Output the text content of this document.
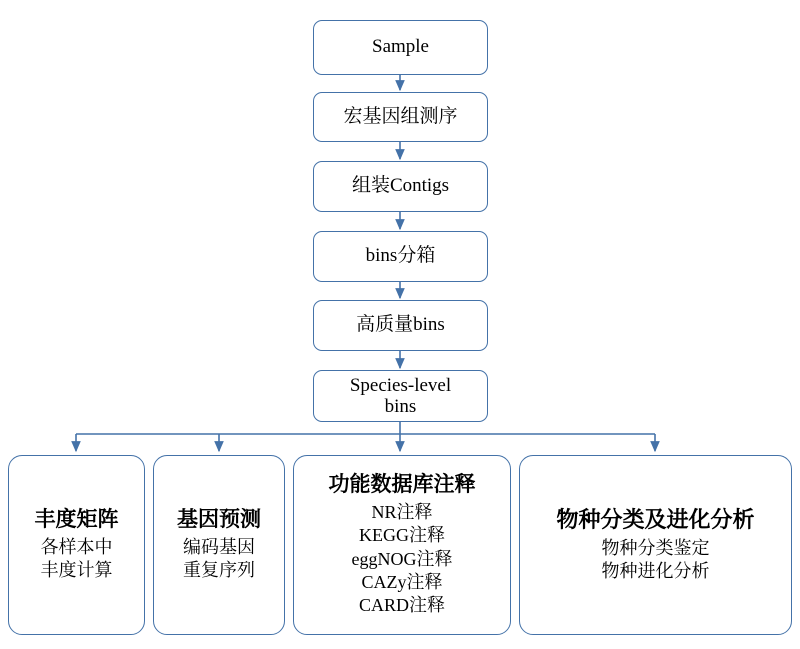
Sample
宏基因组测序
组装Contigs
bins分箱
高质量bins
Species-level bins
丰度矩阵
各样本中
丰度计算
基因预测
编码基因
重复序列
功能数据库注释
NR注释
KEGG注释
eggNOG注释
CAZy注释
CARD注释
物种分类及进化分析
物种分类鉴定
物种进化分析
